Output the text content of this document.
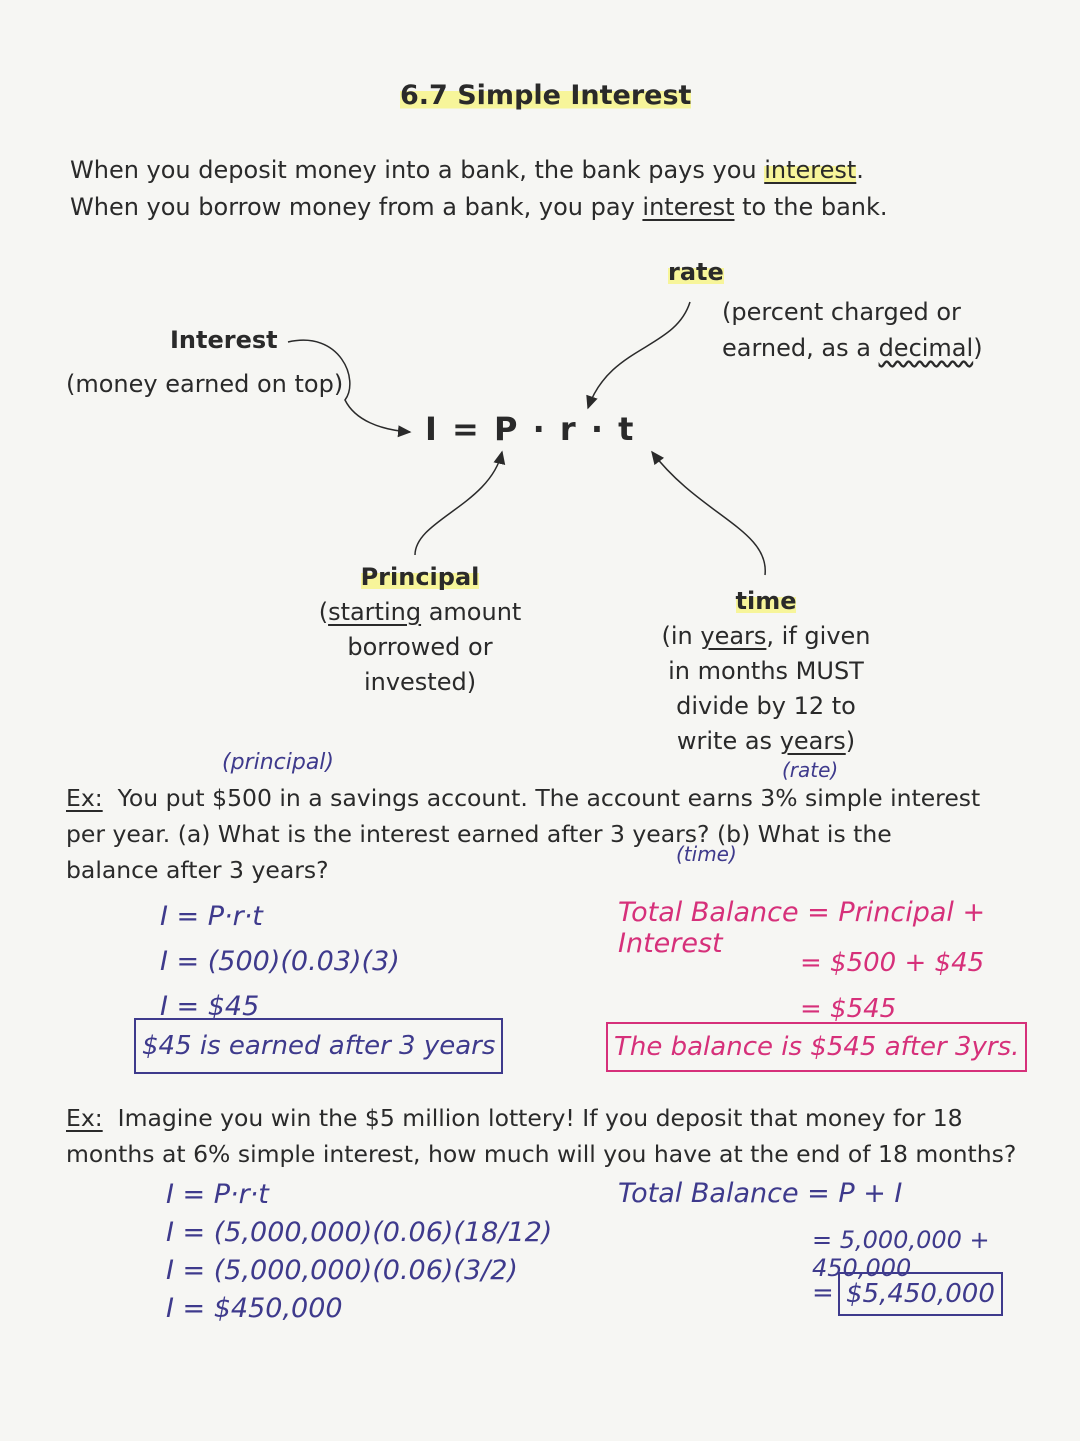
6.7 Simple Interest
When you deposit money into a bank, the bank pays you interest.
When you borrow money from a bank, you pay interest to the bank.
Interest
(money earned on top)
rate
(percent charged or
earned, as a decimal)
I = P · r · t
Principal
(starting amount
borrowed or
invested)
time
(in years, if given
in months MUST
divide by 12 to
write as years)
(principal)	(rate)
(time)
Ex: You put $500 in a savings account. The account earns 3% simple interest
per year. (a) What is the interest earned after 3 years? (b) What is the
balance after 3 years?
I = P·r·t
I = (500)(0.03)(3)
I = $45
$45 is earned after 3 years
Total Balance = Principal + Interest
= $500 + $45
= $545
The balance is $545 after 3yrs.
Ex: Imagine you win the $5 million lottery! If you deposit that money for 18
months at 6% simple interest, how much will you have at the end of 18 months?
I = P·r·t
I = (5,000,000)(0.06)(18/12)
I = (5,000,000)(0.06)(3/2)
I = $450,000
Total Balance = P + I
= 5,000,000 + 450,000
= $5,450,000
